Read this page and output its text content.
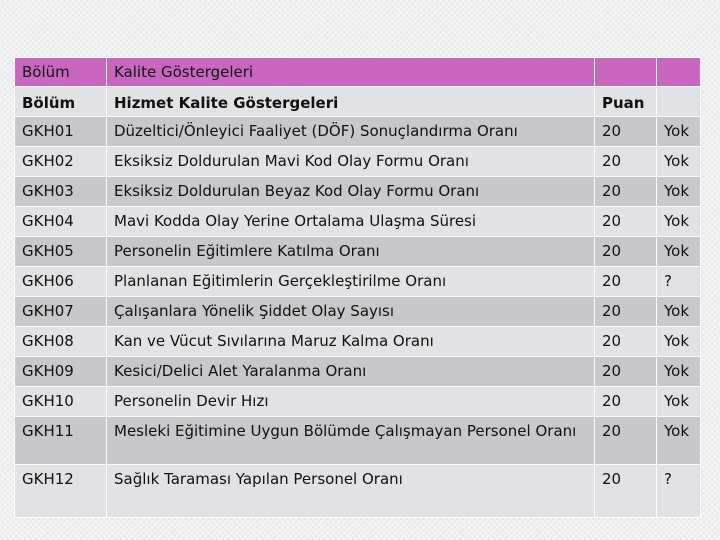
Bölüm	Kalite Göstergeleri		
Bölüm	Hizmet Kalite Göstergeleri	Puan	
GKH01	Düzeltici/Önleyici Faaliyet (DÖF) Sonuçlandırma Oranı	20	Yok
GKH02	Eksiksiz Doldurulan Mavi Kod Olay Formu Oranı	20	Yok
GKH03	Eksiksiz Doldurulan Beyaz Kod Olay Formu Oranı	20	Yok
GKH04	Mavi Kodda Olay Yerine Ortalama Ulaşma Süresi	20	Yok
GKH05	Personelin Eğitimlere Katılma Oranı	20	Yok
GKH06	Planlanan Eğitimlerin Gerçekleştirilme Oranı	20	?
GKH07	Çalışanlara Yönelik Şiddet Olay Sayısı	20	Yok
GKH08	Kan ve Vücut Sıvılarına Maruz Kalma Oranı	20	Yok
GKH09	Kesici/Delici Alet Yaralanma Oranı	20	Yok
GKH10	Personelin Devir Hızı	20	Yok
GKH11	Mesleki Eğitimine Uygun Bölümde Çalışmayan Personel Oranı	20	Yok
GKH12	Sağlık Taraması Yapılan Personel Oranı	20	?
